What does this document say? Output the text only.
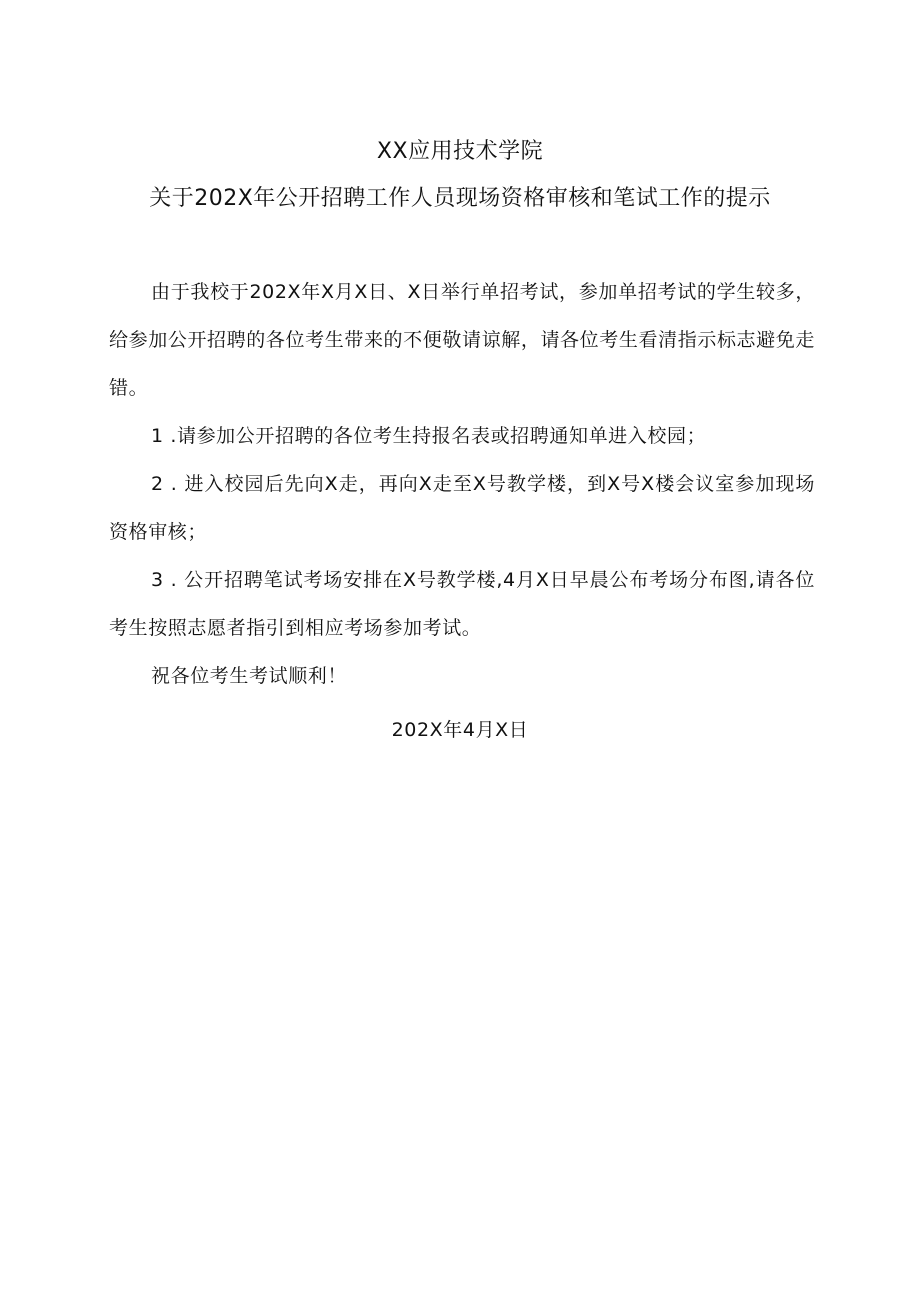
XX应用技术学院
关于202X年公开招聘工作人员现场资格审核和笔试工作的提示

由于我校于202X年X月X日、X日举行单招考试，参加单招考试的学生较多，给参加公开招聘的各位考生带来的不便敬请谅解，请各位考生看清指示标志避免走错。

1 .请参加公开招聘的各位考生持报名表或招聘通知单进入校园；

2 . 进入校园后先向X走，再向X走至X号教学楼，到X号X楼会议室参加现场资格审核；

3 . 公开招聘笔试考场安排在X号教学楼,4月X日早晨公布考场分布图,请各位考生按照志愿者指引到相应考场参加考试。

祝各位考生考试顺利！

202X年4月X日
